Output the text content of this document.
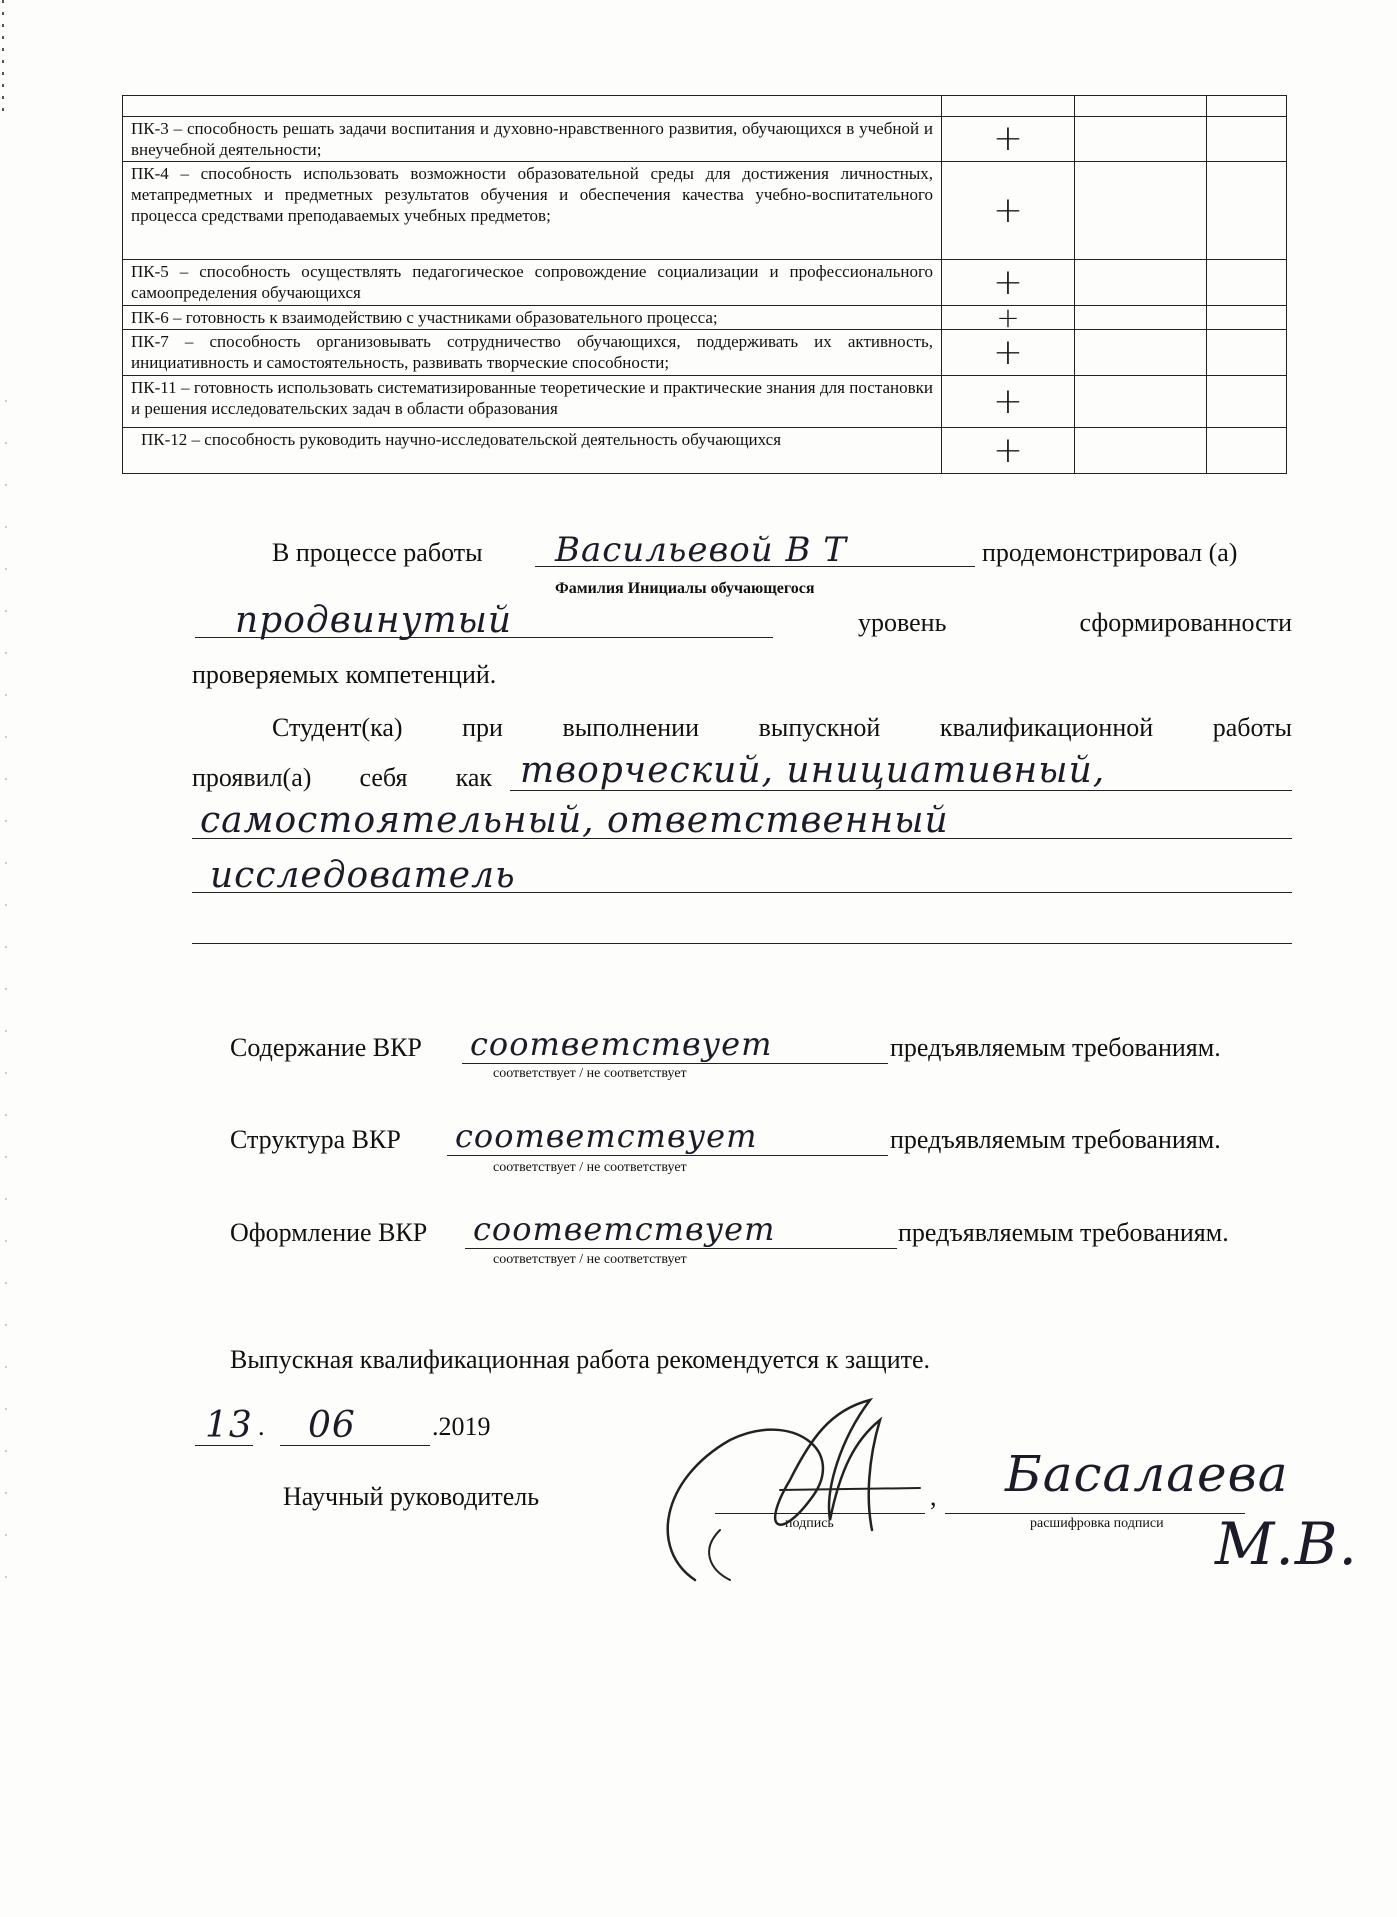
ПК-3 – способность решать задачи воспитания и духовно-нравственного развития, обучающихся в учебной и внеучебной деятельности;	+		
ПК-4 – способность использовать возможности образовательной среды для достижения личностных, метапредметных и предметных результатов обучения и обеспечения качества учебно-воспитательного процесса средствами преподаваемых учебных предметов;	+		
ПК-5 – способность осуществлять педагогическое сопровождение социализации и профессионального самоопределения обучающихся	+		
ПК-6 – готовность к взаимодействию с участниками образовательного процесса;	+		
ПК-7 – способность организовывать сотрудничество обучающихся, поддерживать их активность, инициативность и самостоятельность, развивать творческие способности;	+		
ПК-11 – готовность использовать систематизированные теоретические и практические знания для постановки и решения исследовательских задач в области образования	+		
ПК-12 – способность руководить научно-исследовательской деятельность обучающихся	+		
В процессе работы Васильевой В Т	продемонстрировал (а)
Фамилия Инициалы обучающегося
продвинутый	уровень сформированности
проверяемых компетенций.
Студент(ка) при выполнении выпускной квалификационной работы
проявил(а) себя как творческий, инициативный,
самостоятельный, ответственный
исследователь
Содержание ВКР соответствует	предъявляемым требованиям.
соответствует / не соответствует
Структура ВКР соответствует	предъявляемым требованиям.
соответствует / не соответствует
Оформление ВКР соответствует	предъявляемым требованиям.
соответствует / не соответствует
Выпускная квалификационная работа рекомендуется к защите.
13 . 06	.2019
Научный руководитель
подпись
,
расшифровка подписи
Басалаева
М.В.
